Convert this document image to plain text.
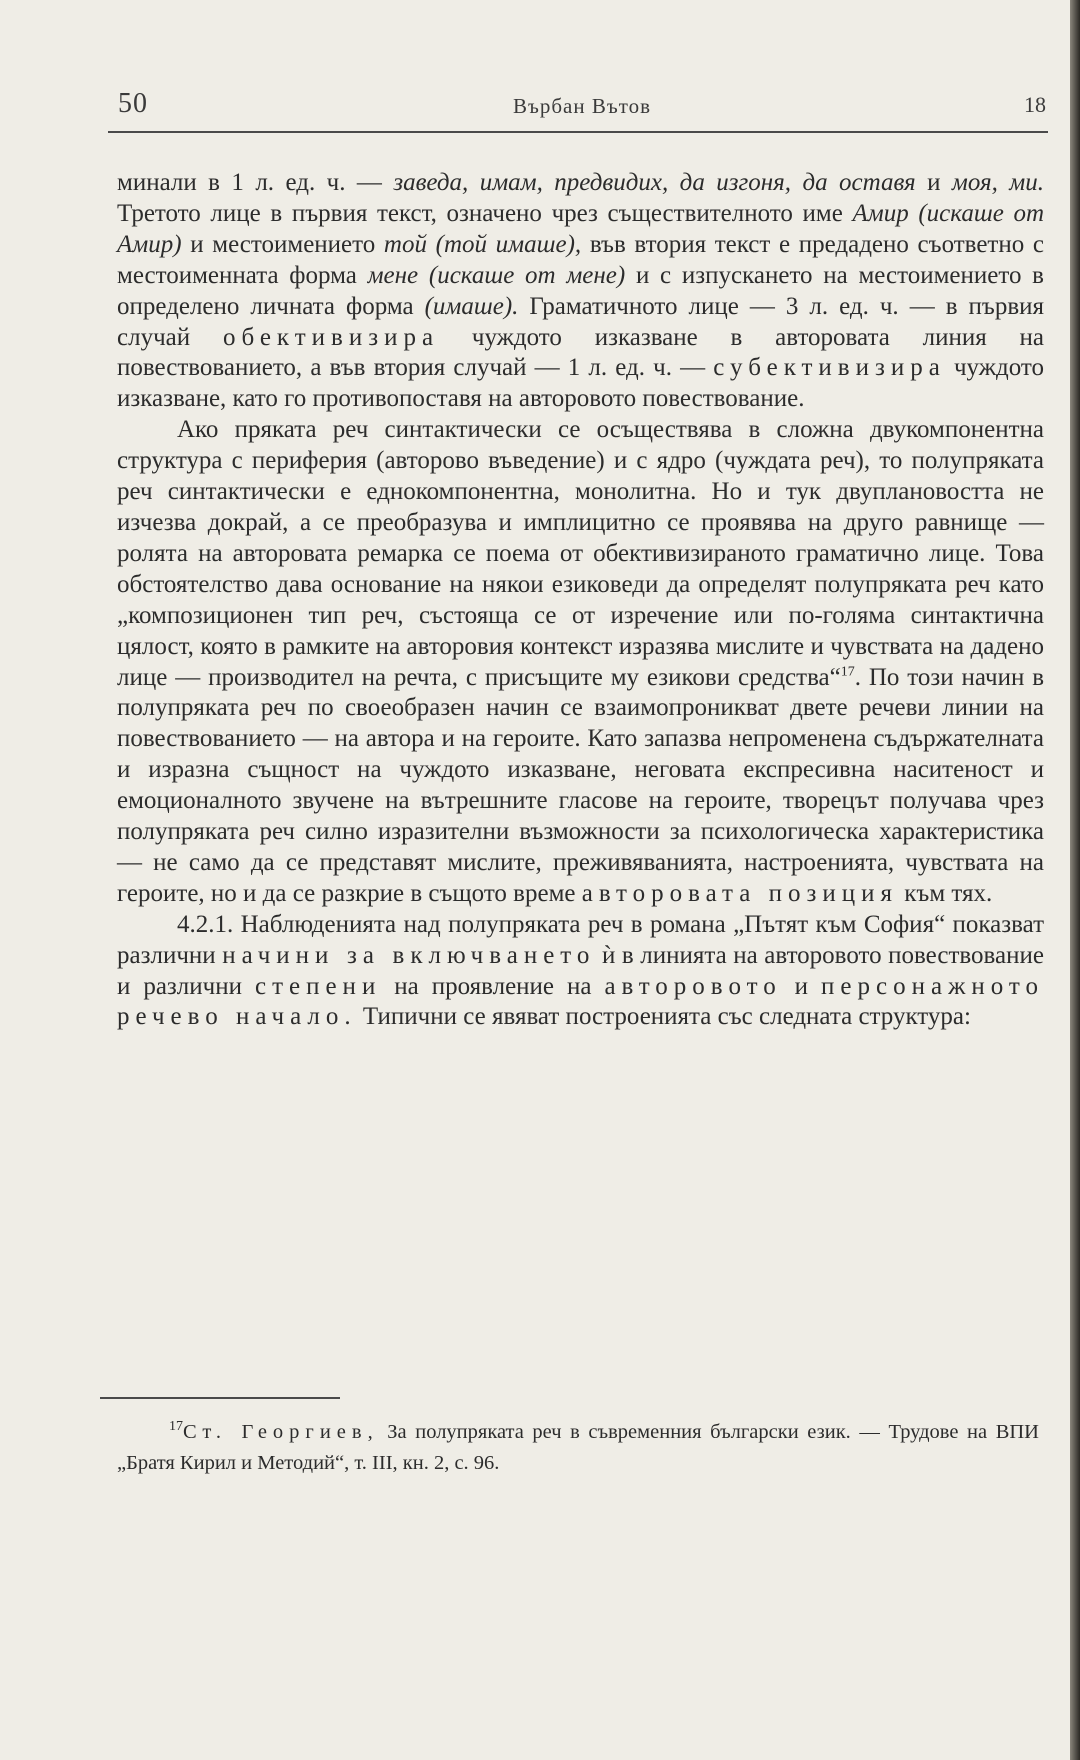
50	Върбан Вътов	18

минали в 1 л. ед. ч. — заведа, имам, предвидих, да изгоня, да оставя и моя, ми. Третото лице в първия текст, означено чрез съществителното име Амир (искаше от Амир) и местоимението той (той имаше), във втория текст е предадено съответно с местоименната форма мене (искаше от мене) и с изпускането на местоимението в определено личната форма (имаше). Граматичното лице — 3 л. ед. ч. — в първия случай обективизира чуждото изказване в авторовата линия на повествованието, а във втория случай — 1 л. ед. ч. — субективизира чуждото изказване, като го противопоставя на авторовото повествование.

Ако пряката реч синтактически се осъществява в сложна двукомпонентна структура с периферия (авторово въведение) и с ядро (чуждата реч), то полупряката реч синтактически е еднокомпонентна, монолитна. Но и тук двуплановостта не изчезва докрай, а се преобразува и имплицитно се проявява на друго равнище — ролята на авторовата ремарка се поема от обективизираното граматично лице. Това обстоятелство дава основание на някои езиковеди да определят полупряката реч като „композиционен тип реч, състояща се от изречение или по-голяма синтактична цялост, която в рамките на авторовия контекст изразява мислите и чувствата на дадено лице — производител на речта, с присъщите му езикови средства“$^{17}$. По този начин в полупряката реч по своеобразен начин се взаимопроникват двете речеви линии на повествованието — на автора и на героите. Като запазва непроменена съдържателната и изразна същност на чуждото изказване, неговата експресивна наситеност и емоционалното звучене на вътрешните гласове на героите, творецът получава чрез полупряката реч силно изразителни възможности за психологическа характеристика — не само да се представят мислите, преживяванията, настроенията, чувствата на героите, но и да се разкрие в същото време авторовата позиция към тях.

4.2.1. Наблюденията над полупряката реч в романа „Пътят към София“ показват различни начини за включването ѝ в линията на авторовото повествование и различни степени на проявление на авторовото и персонажното речево начало. Типични се явяват построенията със следната структура:

$^{17}$Ст. Георгиев, За полупряката реч в съвременния български език. — Трудове на ВПИ „Братя Кирил и Методий“, т. III, кн. 2, с. 96.
